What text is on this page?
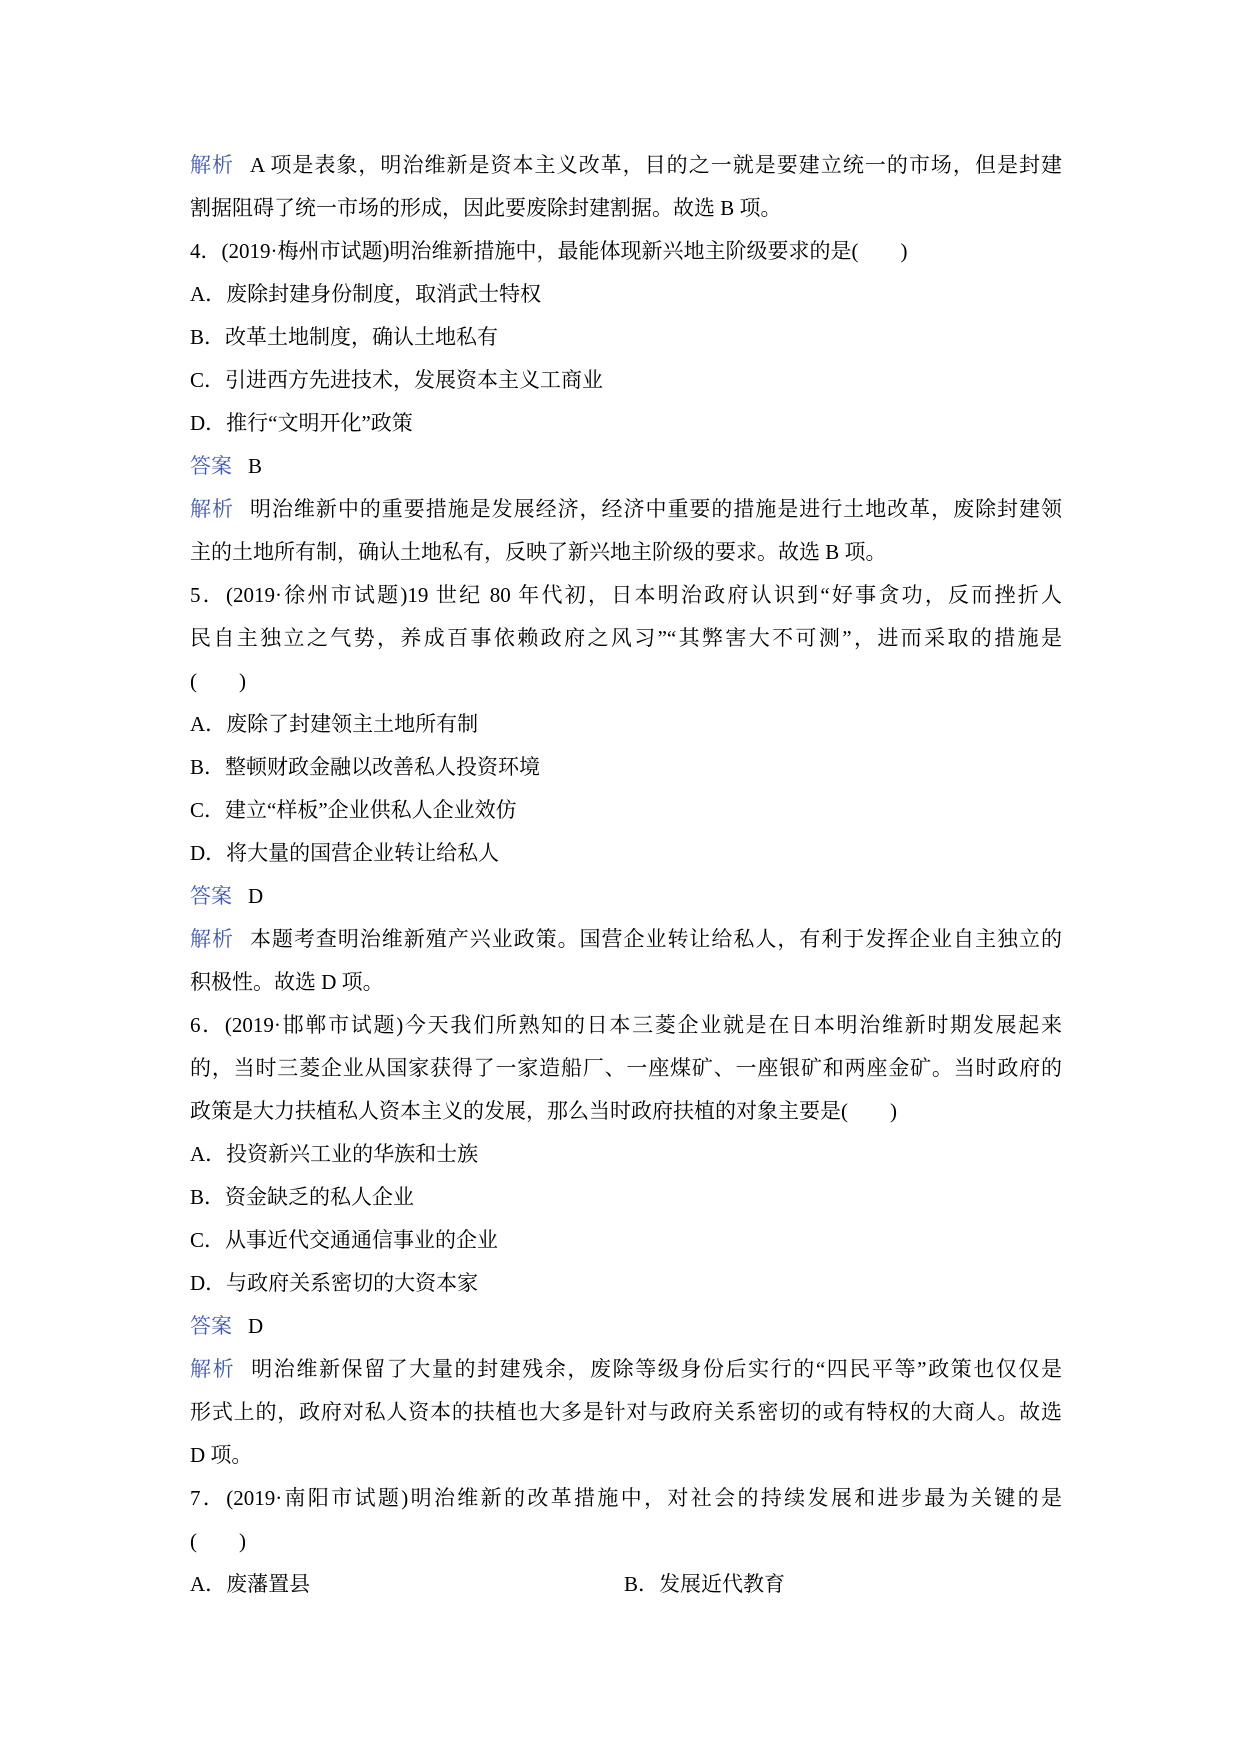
解析 A 项是表象，明治维新是资本主义改革，目的之一就是要建立统一的市场，但是封建
割据阻碍了统一市场的形成，因此要废除封建割据。故选 B 项。
4．(2019·梅州市试题)明治维新措施中，最能体现新兴地主阶级要求的是(　　)
A．废除封建身份制度，取消武士特权
B．改革土地制度，确认土地私有
C．引进西方先进技术，发展资本主义工商业
D．推行“文明开化”政策
答案 B
解析 明治维新中的重要措施是发展经济，经济中重要的措施是进行土地改革，废除封建领
主的土地所有制，确认土地私有，反映了新兴地主阶级的要求。故选 B 项。
5．(2019·徐州市试题)19 世纪 80 年代初，日本明治政府认识到“好事贪功，反而挫折人
民自主独立之气势，养成百事依赖政府之风习”“其弊害大不可测”，进而采取的措施是
(　　)
A．废除了封建领主土地所有制
B．整顿财政金融以改善私人投资环境
C．建立“样板”企业供私人企业效仿
D．将大量的国营企业转让给私人
答案 D
解析 本题考查明治维新殖产兴业政策。国营企业转让给私人，有利于发挥企业自主独立的
积极性。故选 D 项。
6．(2019·邯郸市试题)今天我们所熟知的日本三菱企业就是在日本明治维新时期发展起来
的，当时三菱企业从国家获得了一家造船厂、一座煤矿、一座银矿和两座金矿。当时政府的
政策是大力扶植私人资本主义的发展，那么当时政府扶植的对象主要是(　　)
A．投资新兴工业的华族和士族
B．资金缺乏的私人企业
C．从事近代交通通信事业的企业
D．与政府关系密切的大资本家
答案 D
解析 明治维新保留了大量的封建残余，废除等级身份后实行的“四民平等”政策也仅仅是
形式上的，政府对私人资本的扶植也大多是针对与政府关系密切的或有特权的大商人。故选
D 项。
7．(2019·南阳市试题)明治维新的改革措施中，对社会的持续发展和进步最为关键的是
(　　)
A．废藩置县	B．发展近代教育
